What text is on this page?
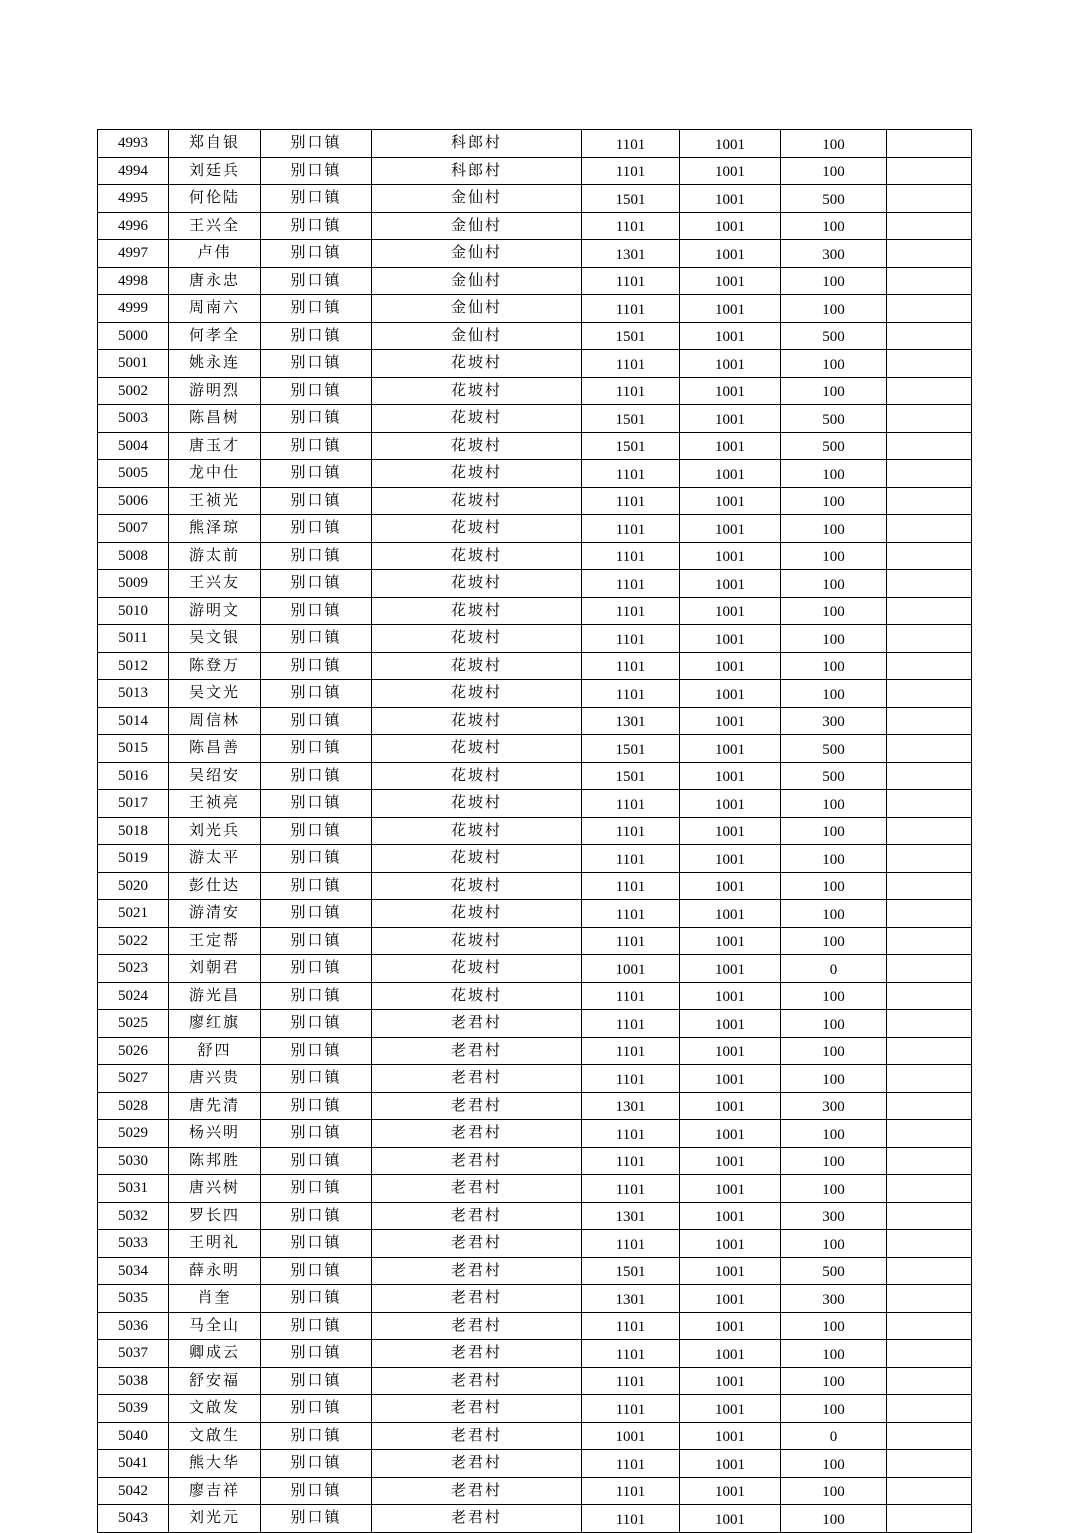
4993	郑自银	别口镇	科郎村	1101	1001	100	
4994	刘廷兵	别口镇	科郎村	1101	1001	100	
4995	何伦陆	别口镇	金仙村	1501	1001	500	
4996	王兴全	别口镇	金仙村	1101	1001	100	
4997	卢伟	别口镇	金仙村	1301	1001	300	
4998	唐永忠	别口镇	金仙村	1101	1001	100	
4999	周南六	别口镇	金仙村	1101	1001	100	
5000	何孝全	别口镇	金仙村	1501	1001	500	
5001	姚永连	别口镇	花坡村	1101	1001	100	
5002	游明烈	别口镇	花坡村	1101	1001	100	
5003	陈昌树	别口镇	花坡村	1501	1001	500	
5004	唐玉才	别口镇	花坡村	1501	1001	500	
5005	龙中仕	别口镇	花坡村	1101	1001	100	
5006	王祯光	别口镇	花坡村	1101	1001	100	
5007	熊泽琼	别口镇	花坡村	1101	1001	100	
5008	游太前	别口镇	花坡村	1101	1001	100	
5009	王兴友	别口镇	花坡村	1101	1001	100	
5010	游明文	别口镇	花坡村	1101	1001	100	
5011	吴文银	别口镇	花坡村	1101	1001	100	
5012	陈登万	别口镇	花坡村	1101	1001	100	
5013	吴文光	别口镇	花坡村	1101	1001	100	
5014	周信林	别口镇	花坡村	1301	1001	300	
5015	陈昌善	别口镇	花坡村	1501	1001	500	
5016	吴绍安	别口镇	花坡村	1501	1001	500	
5017	王祯亮	别口镇	花坡村	1101	1001	100	
5018	刘光兵	别口镇	花坡村	1101	1001	100	
5019	游太平	别口镇	花坡村	1101	1001	100	
5020	彭仕达	别口镇	花坡村	1101	1001	100	
5021	游清安	别口镇	花坡村	1101	1001	100	
5022	王定帮	别口镇	花坡村	1101	1001	100	
5023	刘朝君	别口镇	花坡村	1001	1001	0	
5024	游光昌	别口镇	花坡村	1101	1001	100	
5025	廖红旗	别口镇	老君村	1101	1001	100	
5026	舒四	别口镇	老君村	1101	1001	100	
5027	唐兴贵	别口镇	老君村	1101	1001	100	
5028	唐先清	别口镇	老君村	1301	1001	300	
5029	杨兴明	别口镇	老君村	1101	1001	100	
5030	陈邦胜	别口镇	老君村	1101	1001	100	
5031	唐兴树	别口镇	老君村	1101	1001	100	
5032	罗长四	别口镇	老君村	1301	1001	300	
5033	王明礼	别口镇	老君村	1101	1001	100	
5034	薛永明	别口镇	老君村	1501	1001	500	
5035	肖奎	别口镇	老君村	1301	1001	300	
5036	马全山	别口镇	老君村	1101	1001	100	
5037	卿成云	别口镇	老君村	1101	1001	100	
5038	舒安福	别口镇	老君村	1101	1001	100	
5039	文啟发	别口镇	老君村	1101	1001	100	
5040	文啟生	别口镇	老君村	1001	1001	0	
5041	熊大华	别口镇	老君村	1101	1001	100	
5042	廖吉祥	别口镇	老君村	1101	1001	100	
5043	刘光元	别口镇	老君村	1101	1001	100	
